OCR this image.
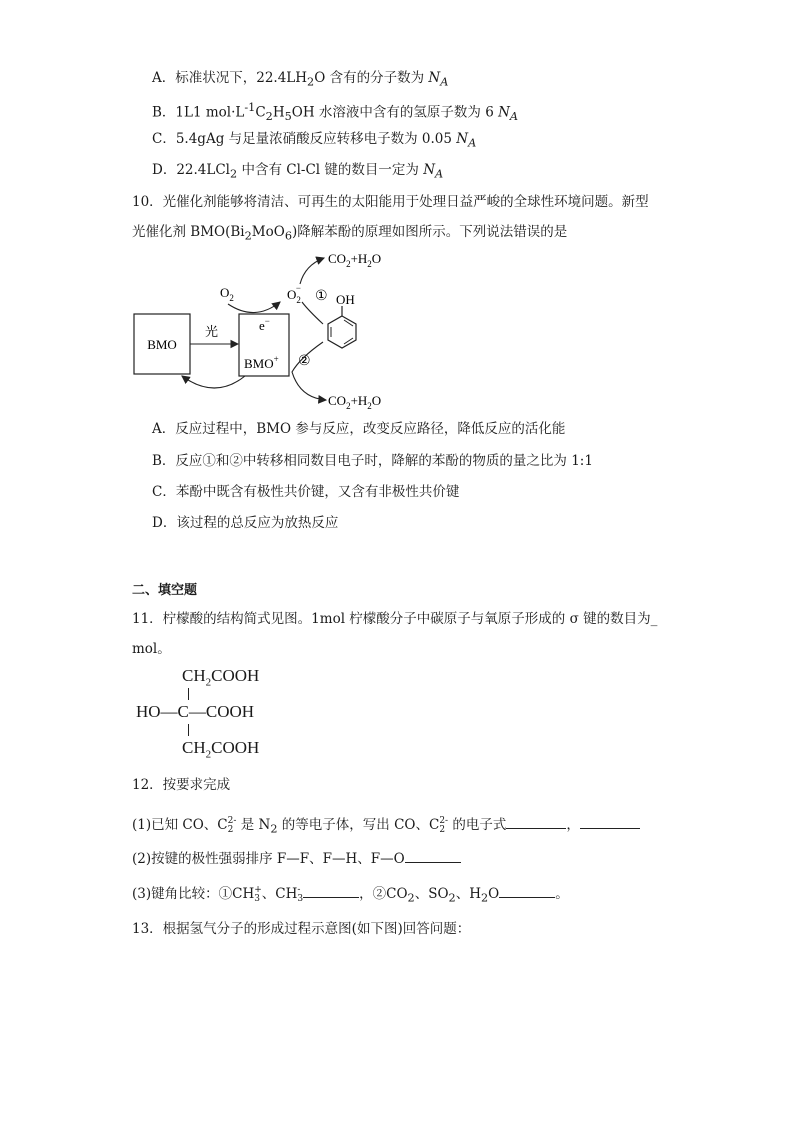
A．标准状况下，$22.4LH_2O$ 含有的分子数为 $N_A$
B．1L1 $mol\cdot L^{-1}C_2H_5OH$ 水溶液中含有的氢原子数为 6 $N_A$
C．5.4gAg 与足量浓硝酸反应转移电子数为 0.05 $N_A$
D．22.4LCl$_2$ 中含有 Cl-Cl 键的数目一定为 $N_A$
10．光催化剂能够将清洁、可再生的太阳能用于处理日益严峻的全球性环境问题。新型
光催化剂 $BMO(Bi_2MoO_6)$降解苯酚的原理如图所示。下列说法错误的是
BMO
光	e−
BMO+
$O_2$	$O_2-$
$CO_2+H_2O$
① OH
②
$CO_2+H_2O$
A．反应过程中，BMO 参与反应，改变反应路径，降低反应的活化能
B．反应①和②中转移相同数目电子时，降解的苯酚的物质的量之比为 1:1
C．苯酚中既含有极性共价键，又含有非极性共价键
D．该过程的总反应为放热反应
二、填空题
11．柠檬酸的结构简式见图。1mol 柠檬酸分子中碳原子与氧原子形成的 σ 键的数目为_
mol。
$CH_2COOH$
HO—C—COOH
$CH_2COOH$
12．按要求完成
(1)已知 CO、C 2-
2 是 $N_2$ 的等电子体，写出 CO、C 2-
2 的电子式	，
(2)按键的极性强弱排序 F—F、F—H、F—O
(3)键角比较：①CH +
3 、CH -
3	，$②CO_2$、$SO_2$、$H_2O$	。
13．根据氢气分子的形成过程示意图(如下图)回答问题：
